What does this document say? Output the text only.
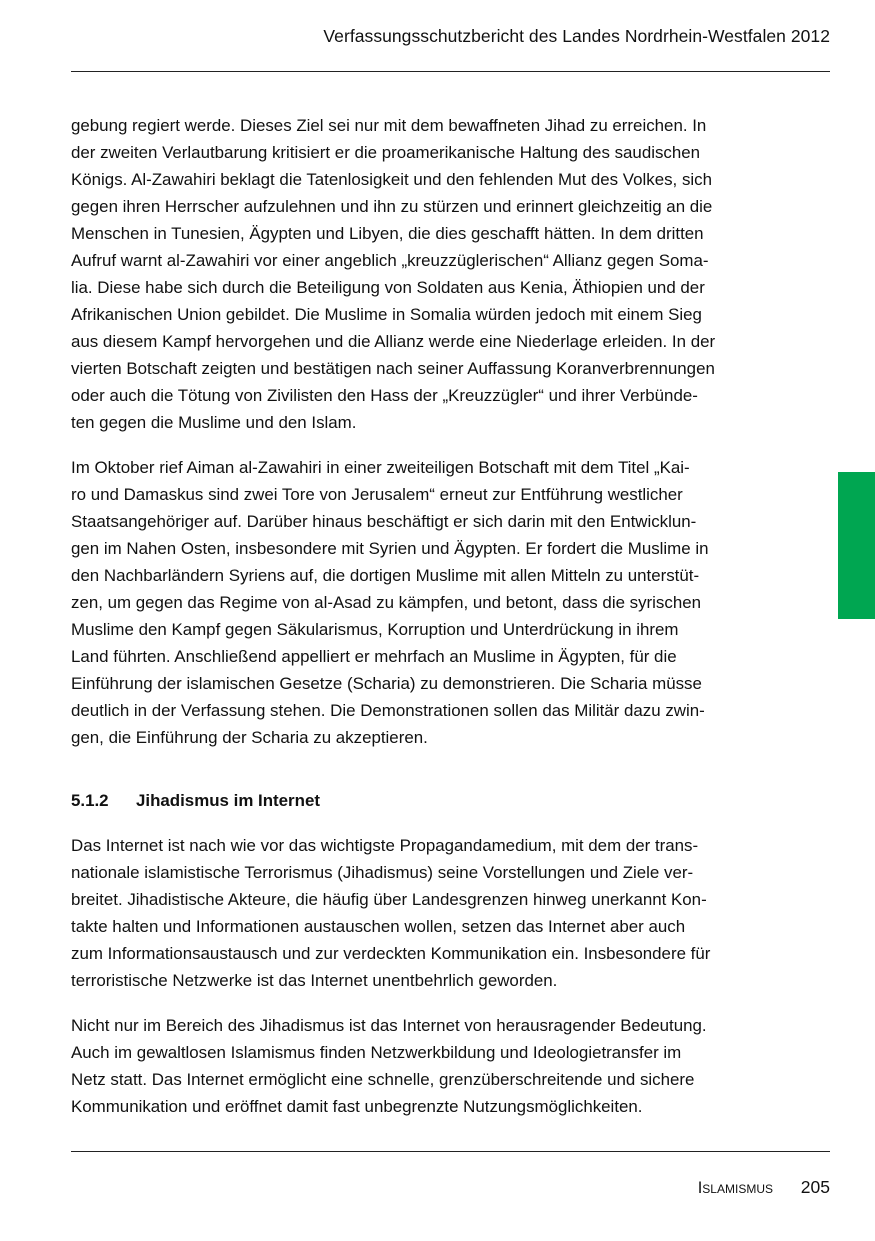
Verfassungsschutzbericht des Landes Nordrhein-Westfalen 2012
gebung regiert werde. Dieses Ziel sei nur mit dem bewaffneten Jihad zu erreichen. In
der zweiten Verlautbarung kritisiert er die proamerikanische Haltung des saudischen
Königs. Al-Zawahiri beklagt die Tatenlosigkeit und den fehlenden Mut des Volkes, sich
gegen ihren Herrscher aufzulehnen und ihn zu stürzen und erinnert gleichzeitig an die
Menschen in Tunesien, Ägypten und Libyen, die dies geschafft hätten. In dem dritten
Aufruf warnt al-Zawahiri vor einer angeblich „kreuzzüglerischen“ Allianz gegen Soma-
lia. Diese habe sich durch die Beteiligung von Soldaten aus Kenia, Äthiopien und der
Afrikanischen Union gebildet. Die Muslime in Somalia würden jedoch mit einem Sieg
aus diesem Kampf hervorgehen und die Allianz werde eine Niederlage erleiden. In der
vierten Botschaft zeigten und bestätigen nach seiner Auffassung Koranverbrennungen
oder auch die Tötung von Zivilisten den Hass der „Kreuzzügler“ und ihrer Verbünde-
ten gegen die Muslime und den Islam.
Im Oktober rief Aiman al-Zawahiri in einer zweiteiligen Botschaft mit dem Titel „Kai-
ro und Damaskus sind zwei Tore von Jerusalem“ erneut zur Entführung westlicher
Staatsangehöriger auf. Darüber hinaus beschäftigt er sich darin mit den Entwicklun-
gen im Nahen Osten, insbesondere mit Syrien und Ägypten. Er fordert die Muslime in
den Nachbarländern Syriens auf, die dortigen Muslime mit allen Mitteln zu unterstüt-
zen, um gegen das Regime von al-Asad zu kämpfen, und betont, dass die syrischen
Muslime den Kampf gegen Säkularismus, Korruption und Unterdrückung in ihrem
Land führten. Anschließend appelliert er mehrfach an Muslime in Ägypten, für die
Einführung der islamischen Gesetze (Scharia) zu demonstrieren. Die Scharia müsse
deutlich in der Verfassung stehen. Die Demonstrationen sollen das Militär dazu zwin-
gen, die Einführung der Scharia zu akzeptieren.
5.1.2 Jihadismus im Internet
Das Internet ist nach wie vor das wichtigste Propagandamedium, mit dem der trans-
nationale islamistische Terrorismus (Jihadismus) seine Vorstellungen und Ziele ver-
breitet. Jihadistische Akteure, die häufig über Landesgrenzen hinweg unerkannt Kon-
takte halten und Informationen austauschen wollen, setzen das Internet aber auch
zum Informationsaustausch und zur verdeckten Kommunikation ein. Insbesondere für
terroristische Netzwerke ist das Internet unentbehrlich geworden.
Nicht nur im Bereich des Jihadismus ist das Internet von herausragender Bedeutung.
Auch im gewaltlosen Islamismus finden Netzwerkbildung und Ideologietransfer im
Netz statt. Das Internet ermöglicht eine schnelle, grenzüberschreitende und sichere
Kommunikation und eröffnet damit fast unbegrenzte Nutzungsmöglichkeiten.
Islamismus 205
